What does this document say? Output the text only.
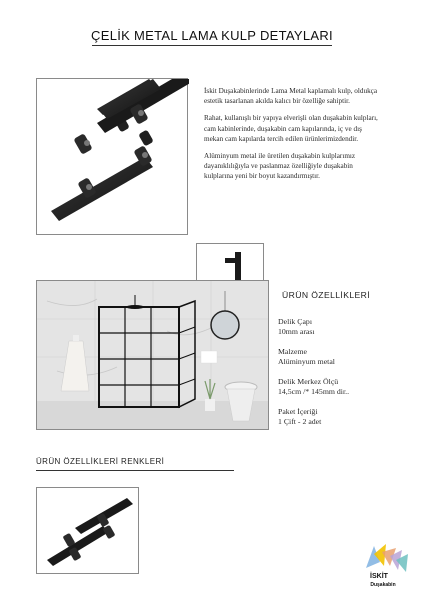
ÇELİK METAL LAMA KULP DETAYLARI

İskit Duşakabinlerinde Lama Metal kaplamalı kulp, oldukça estetik tasarlanan akılda kalıcı bir özelliğe sahiptir.

Rahat, kullanışlı bir yapıya elverişli olan duşakabin kulpları, cam kabinlerinde, duşakabin cam kapılarında, iç ve dış mekan cam kapılarda tercih edilen ürünlerimizdendir.

Alüminyum metal ile üretilen duşakabin kulplarımız dayanıklılığıyla ve paslanmaz özelliğiyle duşakabin kulplarına yeni bir boyut kazandırmıştır.

ÜRÜN ÖZELLİKLERİ
Delik Çapı
10mm arası
Malzeme
Alüminyum metal
Delik Merkez Ölçü
14,5cm /* 145mm dir..
Paket İçeriği
1 Çift - 2 adet
ÜRÜN ÖZELLİKLERİ RENKLERİ
İSKİT
Duşakabin
